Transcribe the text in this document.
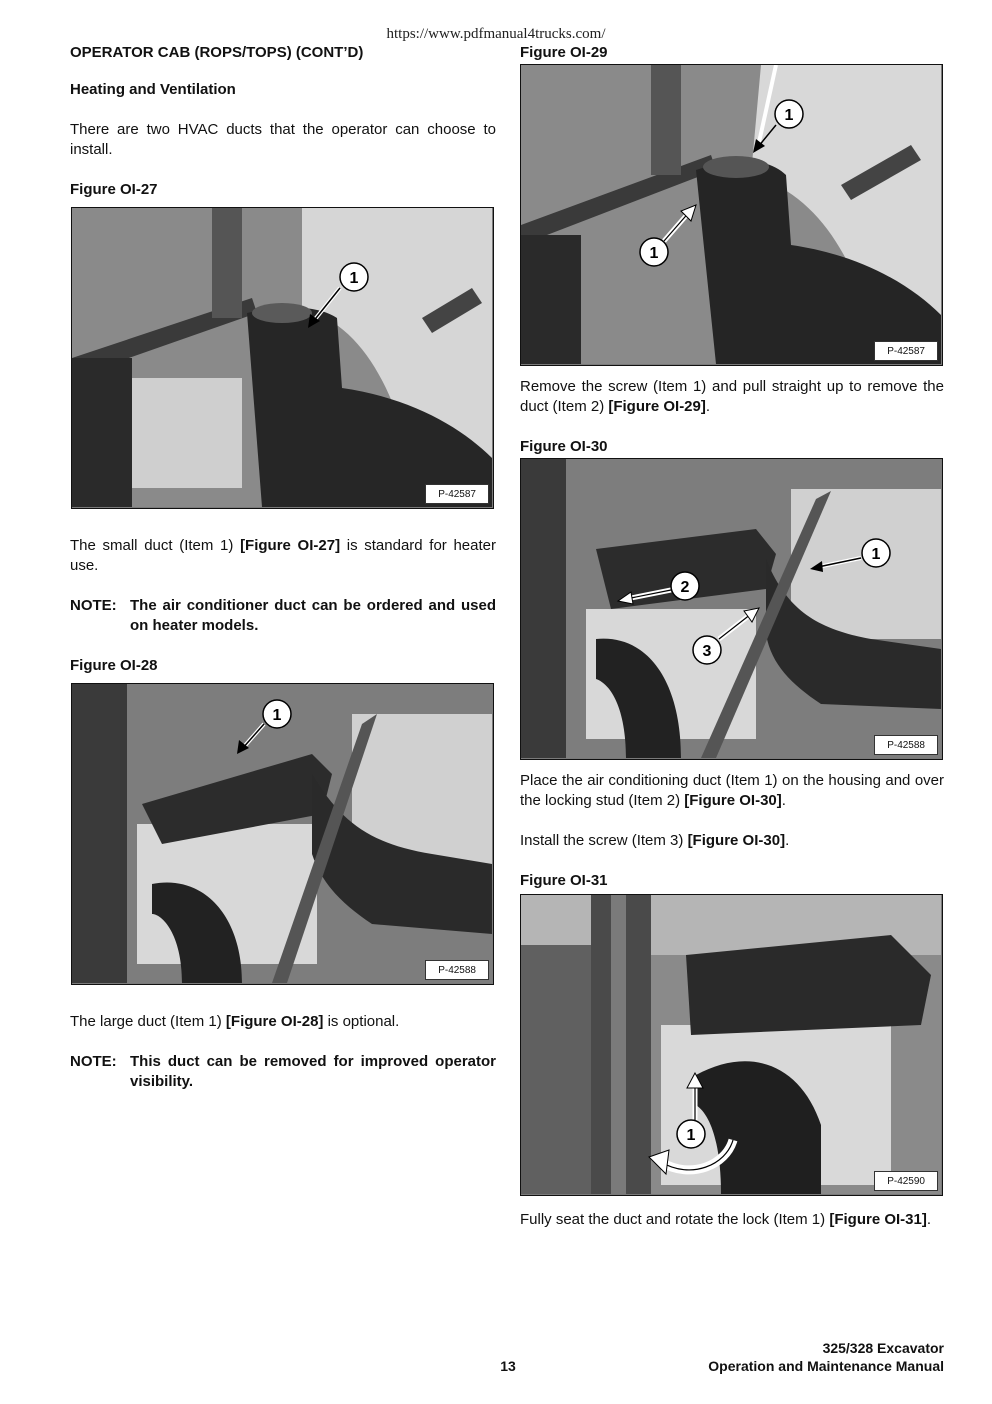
https://www.pdfmanual4trucks.com/
OPERATOR CAB (ROPS/TOPS) (CONT’D)
Heating and Ventilation
There are two HVAC ducts that the operator can choose to install.
Figure OI-27
1
P-42587
The small duct (Item 1) [Figure OI-27] is standard for heater use.
NOTE: The air conditioner duct can be ordered and used on heater models.
Figure OI-28
1
P-42588
The large duct (Item 1) [Figure OI-28] is optional.
NOTE: This duct can be removed for improved operator visibility.
Figure OI-29
1
1
P-42587
Remove the screw (Item 1) and pull straight up to remove the duct (Item 2) [Figure OI-29].
Figure OI-30
1
2
3
P-42588
Place the air conditioning duct (Item 1) on the housing and over the locking stud (Item 2) [Figure OI-30].
Install the screw (Item 3) [Figure OI-30].
Figure OI-31
1
P-42590
Fully seat the duct and rotate the lock (Item 1) [Figure OI-31].
13
325/328 Excavator
Operation and Maintenance Manual
